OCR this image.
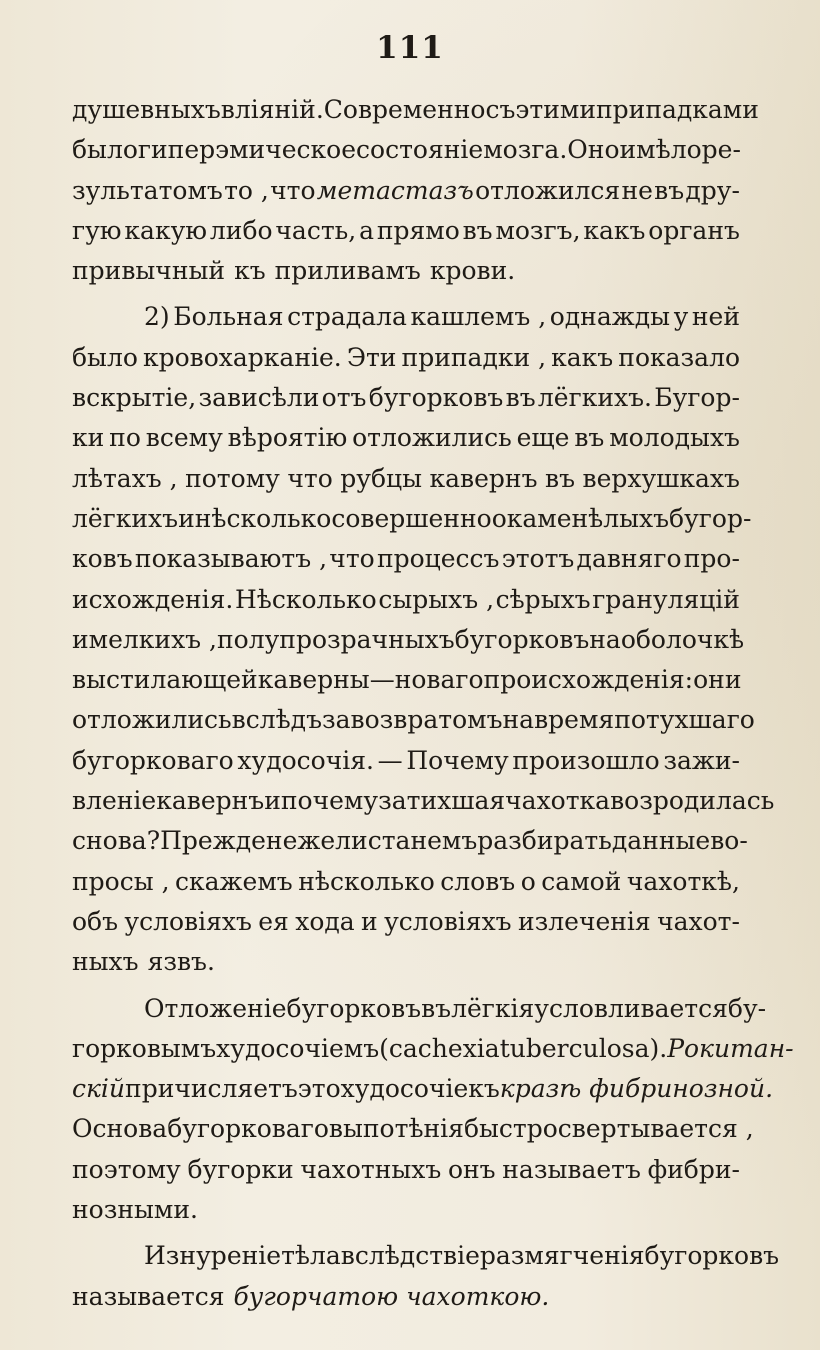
111
душевныхъ влiянiй. Современно съ этими припадками
было гиперэмическое состоянiе мозга. Оно имѣло ре-
зультатомъ то , что метастазъ отложился не въ дру-
гую какую либо часть, а прямо въ мозгъ, какъ органъ
привычный къ приливамъ крови.
2) Больная страдала кашлемъ , однажды у ней
было кровохарканiе. Эти припадки , какъ показало
вскрытiе, зависѣли отъ бугорковъ въ лёгкихъ. Бугор-
ки по всему вѣроятiю отложились еще въ молодыхъ
лѣтахъ , потому что рубцы кавернъ въ верхушкахъ
лёгкихъ и нѣсколько совершенно окаменѣлыхъ бугор-
ковъ показываютъ , что процессъ этотъ давняго про-
исхожденiя. Нѣсколько сырыхъ , сѣрыхъ грануляцiй
и мелкихъ , полупрозрачныхъ бугорковъ на оболочкѣ
выстилающей каверны — новаго происхожденiя: они
отложились вслѣдъ за возвратомъ на время потухшаго
бугорковаго худосочiя. — Почему произошло зажи-
вленiе кавернъ и почему затихшая чахотка возродилась
снова? Прежде нежели станемъ разбирать данные во-
просы , скажемъ нѣсколько словъ о самой чахоткѣ,
объ условiяхъ ея хода и условiяхъ излеченiя чахот-
ныхъ язвъ.
Отложенiе бугорковъ въ лёгкiя условливается бу-
горковымъ худосочiемъ (cachexia tuberculosa). Рокитан-
скiй причисляетъ это худосочiе къ кразѣ фибринозной.
Основа бугорковаго выпотѣнiя быстро свертывается ,
поэтому бугорки чахотныхъ онъ называетъ фибри-
нозными.
Изнуренiе тѣла вслѣдствiе размягченiя бугорковъ
называется бугорчатою чахоткою.
